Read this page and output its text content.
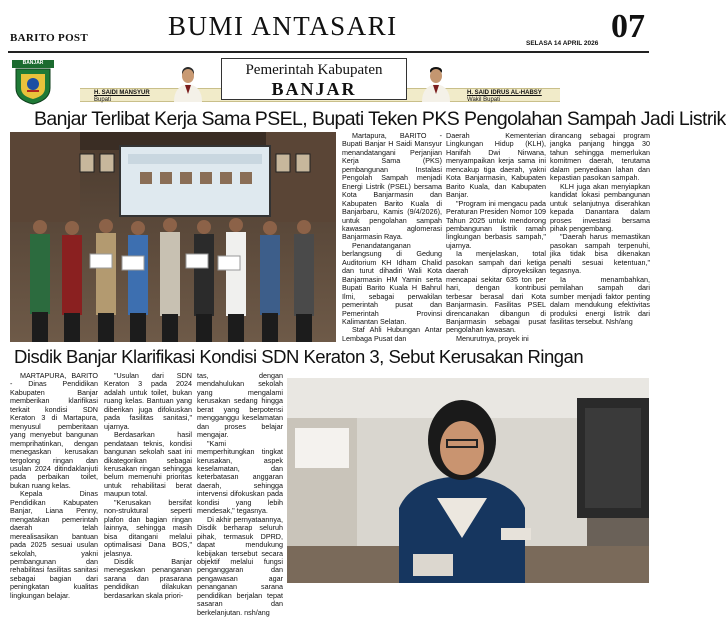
BARITO POST	BUMI ANTASARI
SELASA 14 APRIL 2026 07
BANJAR
H. SAIDI MANSYUR
Bupati
Pemerintah Kabupaten
BANJAR	H. SAID IDRUS AL-HABSY
Wakil Bupati
Banjar Terlibat Kerja Sama PSEL, Bupati Teken PKS Pengolahan Sampah Jadi Listrik

Martapura, BARITO - Bupati Banjar H Saidi Mansyur menandatangani Perjanjian Kerja Sama (PKS) pembangunan Instalasi Pengolah Sampah menjadi Energi Listrik (PSEL) bersama Kota Banjarmasin dan Kabupaten Barito Kuala di Banjarbaru, Kamis (9/4/2026), untuk pengolahan sampah kawasan aglomerasi Banjarmasin Raya.

Penandatanganan berlangsung di Gedung Auditorium KH Idham Chalid dan turut dihadiri Wali Kota Banjarmasin HM Yamin serta Bupati Barito Kuala H Bahrul Ilmi, sebagai perwakilan pemerintah pusat dan Pemerintah Provinsi Kalimantan Selatan.

Staf Ahli Hubungan Antar Lembaga Pusat dan

Daerah Kementerian Lingkungan Hidup (KLH), Hanifah Dwi Nirwana, menyampaikan kerja sama ini mencakup tiga daerah, yakni Kota Banjarmasin, Kabupaten Barito Kuala, dan Kabupaten Banjar.

"Program ini mengacu pada Peraturan Presiden Nomor 109 Tahun 2025 untuk mendorong pembangunan listrik ramah lingkungan berbasis sampah," ujarnya.

Ia menjelaskan, total pasokan sampah dari ketiga daerah diproyeksikan mencapai sekitar 635 ton per hari, dengan kontribusi terbesar berasal dari Kota Banjarmasin. Fasilitas PSEL direncanakan dibangun di Banjarmasin sebagai pusat pengolahan kawasan.

Menurutnya, proyek ini

dirancang sebagai program jangka panjang hingga 30 tahun sehingga memerlukan komitmen daerah, terutama dalam penyediaan lahan dan kepastian pasokan sampah.

KLH juga akan menyiapkan kandidat lokasi pembangunan untuk selanjutnya diserahkan kepada Danantara dalam proses investasi bersama pihak pengembang.

"Daerah harus memastikan pasokan sampah terpenuhi, jika tidak bisa dikenakan penalti sesuai ketentuan," tegasnya.

Ia menambahkan, pemilahan sampah dari sumber menjadi faktor penting dalam mendukung efektivitas produksi energi listrik dari fasilitas tersebut. Nsh/ang

Disdik Banjar Klarifikasi Kondisi SDN Keraton 3, Sebut Kerusakan Ringan

MARTAPURA, BARITO - Dinas Pendidikan Kabupaten Banjar memberikan klarifikasi terkait kondisi SDN Keraton 3 di Martapura, menyusul pemberitaan yang menyebut bangunan memprihatinkan, dengan menegaskan kerusakan tergolong ringan dan usulan 2024 ditindaklanjuti pada perbaikan toilet, bukan ruang kelas.

Kepala Dinas Pendidikan Kabupaten Banjar, Liana Penny, mengatakan pemerintah daerah telah merealisasikan bantuan pada 2025 sesuai usulan sekolah, yakni pembangunan dan rehabilitasi fasilitas sanitasi sebagai bagian dari peningkatan kualitas lingkungan belajar.

"Usulan dari SDN Keraton 3 pada 2024 adalah untuk toilet, bukan ruang kelas. Bantuan yang diberikan juga difokuskan pada fasilitas sanitasi," ujarnya.

Berdasarkan hasil pendataan teknis, kondisi bangunan sekolah saat ini dikategorikan sebagai kerusakan ringan sehingga belum memenuhi prioritas untuk rehabilitasi berat maupun total.

"Kerusakan bersifat non-struktural seperti plafon dan bagian ringan lainnya, sehingga masih bisa ditangani melalui optimalisasi Dana BOS," jelasnya.

Disdik Banjar menegaskan penanganan sarana dan prasarana pendidikan dilakukan berdasarkan skala priori-

tas, dengan mendahulukan sekolah yang mengalami kerusakan sedang hingga berat yang berpotensi mengganggu keselamatan dan proses belajar mengajar.

"Kami memperhitungkan tingkat kerusakan, aspek keselamatan, dan keterbatasan anggaran daerah, sehingga intervensi difokuskan pada kondisi yang lebih mendesak," tegasnya.

Di akhir pernyataannya, Disdik berharap seluruh pihak, termasuk DPRD, dapat mendukung kebijakan tersebut secara objektif melalui fungsi penganggaran dan pengawasan agar penanganan sarana pendidikan berjalan tepat sasaran dan berkelanjutan. nsh/ang
